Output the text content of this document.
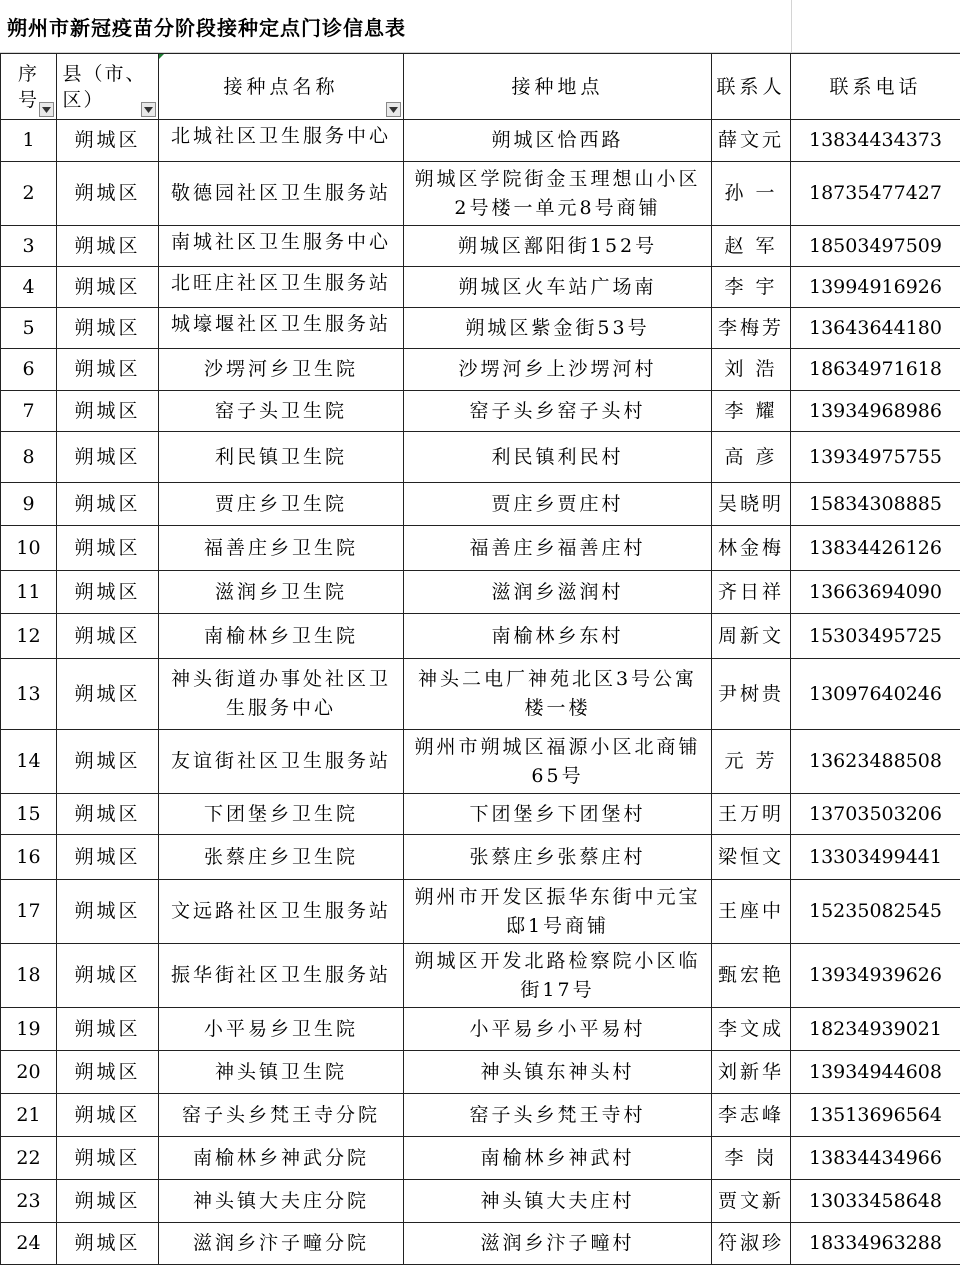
朔州市新冠疫苗分阶段接种定点门诊信息表
序号	县（市、区）	接种点名称	接种地点	联系人	联系电话
1	朔城区	北城社区卫生服务中心	朔城区恰西路	薛文元	13834434373
2	朔城区	敬德园社区卫生服务站	朔城区学院街金玉理想山小区2号楼一单元8号商铺	孙 一	18735477427
3	朔城区	南城社区卫生服务中心	朔城区鄯阳街152号	赵 军	18503497509
4	朔城区	北旺庄社区卫生服务站	朔城区火车站广场南	李 宇	13994916926
5	朔城区	城壕堰社区卫生服务站	朔城区紫金街53号	李梅芳	13643644180
6	朔城区	沙塄河乡卫生院	沙塄河乡上沙塄河村	刘 浩	18634971618
7	朔城区	窑子头卫生院	窑子头乡窑子头村	李 耀	13934968986
8	朔城区	利民镇卫生院	利民镇利民村	高 彦	13934975755
9	朔城区	贾庄乡卫生院	贾庄乡贾庄村	吴晓明	15834308885
10	朔城区	福善庄乡卫生院	福善庄乡福善庄村	林金梅	13834426126
11	朔城区	滋润乡卫生院	滋润乡滋润村	齐日祥	13663694090
12	朔城区	南榆林乡卫生院	南榆林乡东村	周新文	15303495725
13	朔城区	神头街道办事处社区卫生服务中心	神头二电厂神苑北区3号公寓楼一楼	尹树贵	13097640246
14	朔城区	友谊街社区卫生服务站	朔州市朔城区福源小区北商铺65号	元 芳	13623488508
15	朔城区	下团堡乡卫生院	下团堡乡下团堡村	王万明	13703503206
16	朔城区	张蔡庄乡卫生院	张蔡庄乡张蔡庄村	梁恒文	13303499441
17	朔城区	文远路社区卫生服务站	朔州市开发区振华东街中元宝邸1号商铺	王座中	15235082545
18	朔城区	振华街社区卫生服务站	朔城区开发北路检察院小区临街17号	甄宏艳	13934939626
19	朔城区	小平易乡卫生院	小平易乡小平易村	李文成	18234939021
20	朔城区	神头镇卫生院	神头镇东神头村	刘新华	13934944608
21	朔城区	窑子头乡梵王寺分院	窑子头乡梵王寺村	李志峰	13513696564
22	朔城区	南榆林乡神武分院	南榆林乡神武村	李 岗	13834434966
23	朔城区	神头镇大夫庄分院	神头镇大夫庄村	贾文新	13033458648
24	朔城区	滋润乡汴子疃分院	滋润乡汴子疃村	符淑珍	18334963288
